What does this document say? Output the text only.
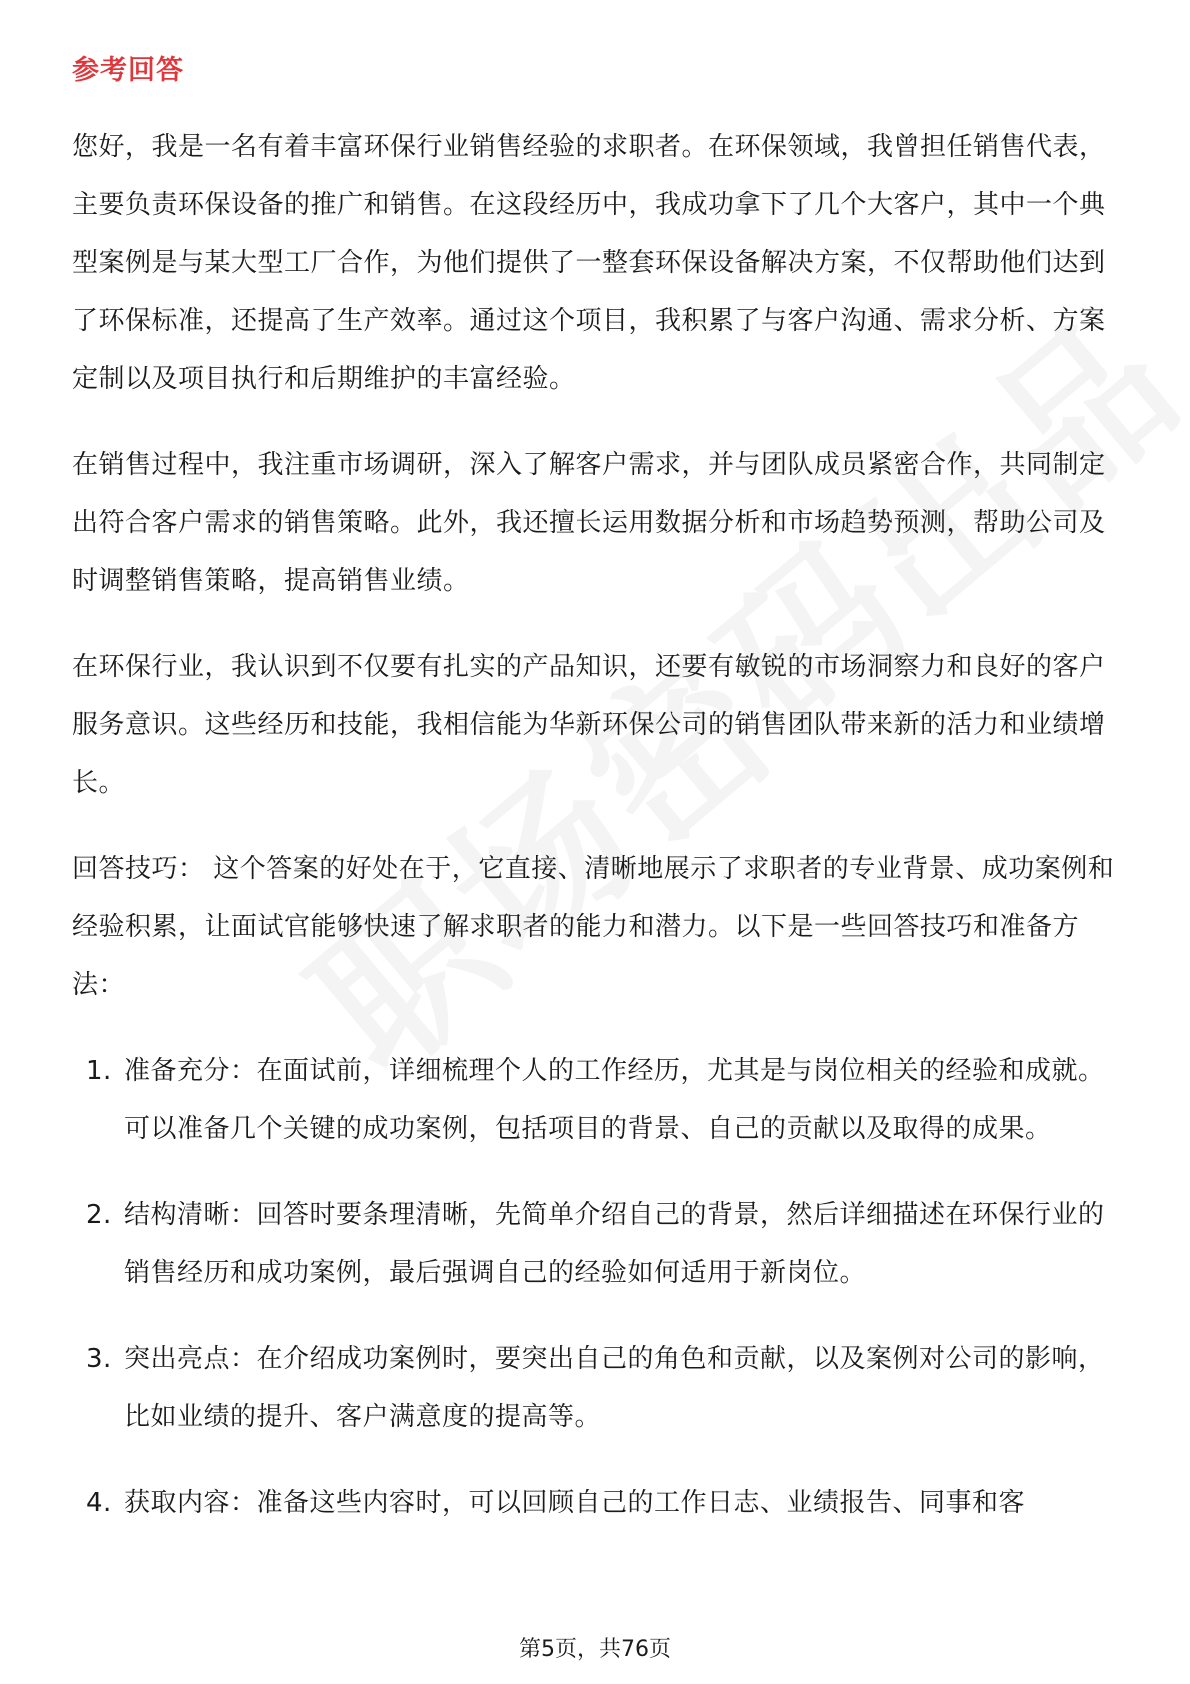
参考回答

您好，我是一名有着丰富环保行业销售经验的求职者。在环保领域，我曾担任销售代表，主要负责环保设备的推广和销售。在这段经历中，我成功拿下了几个大客户，其中一个典型案例是与某大型工厂合作，为他们提供了一整套环保设备解决方案，不仅帮助他们达到了环保标准，还提高了生产效率。通过这个项目，我积累了与客户沟通、需求分析、方案定制以及项目执行和后期维护的丰富经验。

在销售过程中，我注重市场调研，深入了解客户需求，并与团队成员紧密合作，共同制定出符合客户需求的销售策略。此外，我还擅长运用数据分析和市场趋势预测，帮助公司及时调整销售策略，提高销售业绩。

在环保行业，我认识到不仅要有扎实的产品知识，还要有敏锐的市场洞察力和良好的客户服务意识。这些经历和技能，我相信能为华新环保公司的销售团队带来新的活力和业绩增长。

回答技巧： 这个答案的好处在于，它直接、清晰地展示了求职者的专业背景、成功案例和经验积累，让面试官能够快速了解求职者的能力和潜力。以下是一些回答技巧和准备方法：

1. 准备充分：在面试前，详细梳理个人的工作经历，尤其是与岗位相关的经验和成就。可以准备几个关键的成功案例，包括项目的背景、自己的贡献以及取得的成果。
2. 结构清晰：回答时要条理清晰，先简单介绍自己的背景，然后详细描述在环保行业的销售经历和成功案例，最后强调自己的经验如何适用于新岗位。
3. 突出亮点：在介绍成功案例时，要突出自己的角色和贡献，以及案例对公司的影响，比如业绩的提升、客户满意度的提高等。
4. 获取内容：准备这些内容时，可以回顾自己的工作日志、业绩报告、同事和客
第5页，共76页
